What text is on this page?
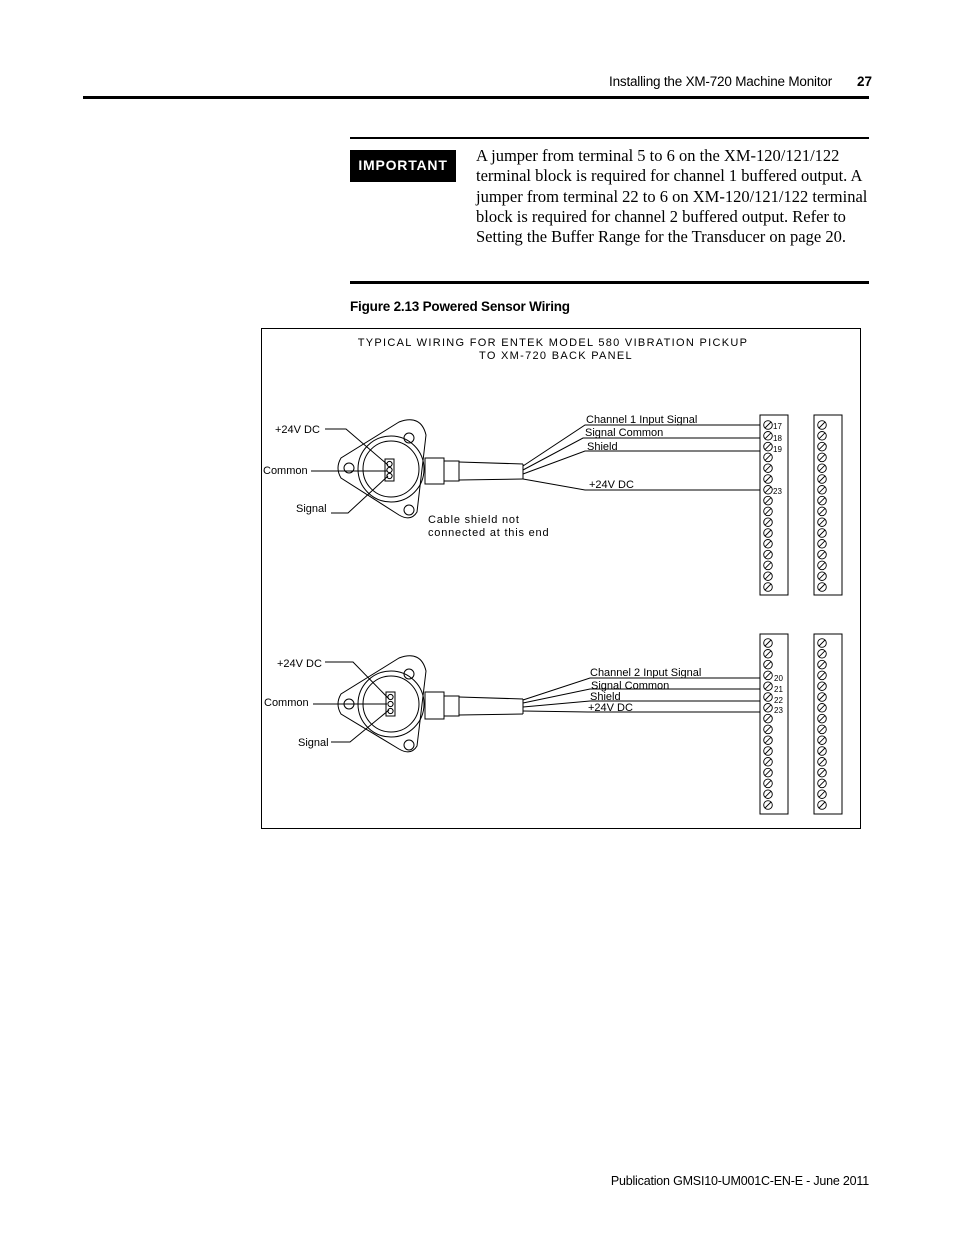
Installing the XM-720 Machine Monitor	27
IMPORTANT	A jumper from terminal 5 to 6 on the XM-120/121/122 terminal block is required for channel 1 buffered output. A jumper from terminal 22 to 6 on XM-120/121/122 terminal block is required for channel 2 buffered output. Refer to Setting the Buffer Range for the Transducer on page 20.
Figure 2.13 Powered Sensor Wiring
TYPICAL WIRING FOR ENTEK MODEL 580 VIBRATION PICKUP
TO XM-720 BACK PANEL
+24V DC
Common
Signal
Cable shield not
connected at this end
Channel 1 Input Signal
Signal Common
Shield
+24V DC
17
18
19
23
+24V DC
Common
Signal
Channel 2 Input Signal
Signal Common
Shield
+24V DC
20
21
22
23
Publication GMSI10-UM001C-EN-E - June 2011
